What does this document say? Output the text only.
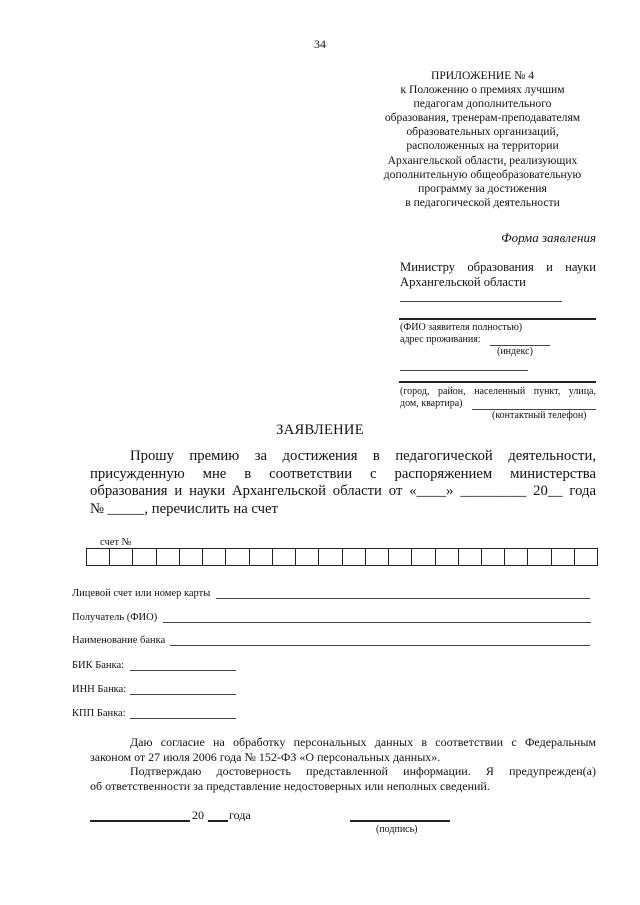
34
ПРИЛОЖЕНИЕ № 4
к Положению о премиях лучшим
педагогам дополнительного
образования, тренерам-преподавателям
образовательных организаций,
расположенных на территории
Архангельской области, реализующих
дополнительную общеобразовательную
программу за достижения
в педагогической деятельности
Форма заявления
Министру образования и науки
Архангельской области
(ФИО заявителя полностью)
адрес проживания:
(индекс)
(город, район, населенный пункт, улица,
дом, квартира)
(контактный телефон)
ЗАЯВЛЕНИЕ
Прошу премию за достижения в педагогической деятельности,
присужденную мне в соответствии с распоряжением министерства
образования и науки Архангельской области от «____» _________ 20__ года
№ _____, перечислить на счет
счет №
Лицевой счет или номер карты
Получатель (ФИО)
Наименование банка
БИК Банка:
ИНН Банка:
КПП Банка:
Даю согласие на обработку персональных данных в соответствии с Федеральным
законом от 27 июля 2006 года № 152-ФЗ «О персональных данных».
Подтверждаю достоверность представленной информации. Я предупрежден(а)
об ответственности за представление недостоверных или неполных сведений.
20 года
(подпись)
